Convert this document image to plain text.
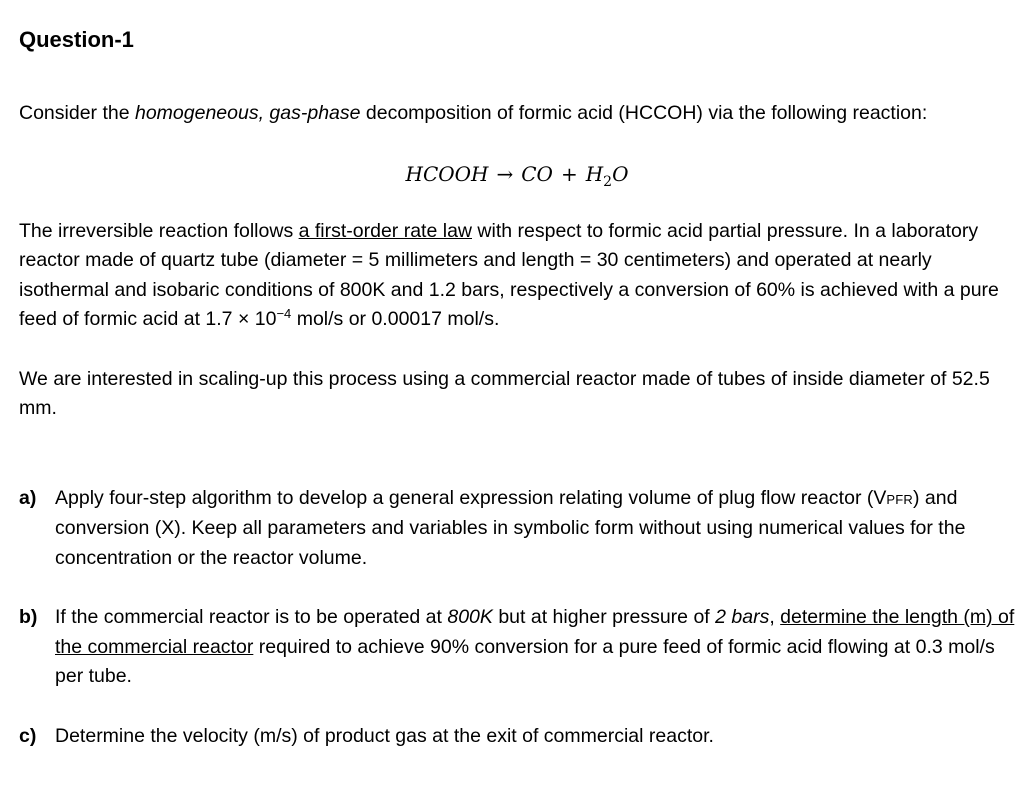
Question-1

Consider the homogeneous, gas-phase decomposition of formic acid (HCCOH) via the following reaction:

HCOOH → CO + $H_2O$

The irreversible reaction follows a first-order rate law with respect to formic acid partial pressure. In a laboratory reactor made of quartz tube (diameter = 5 millimeters and length = 30 centimeters) and operated at nearly isothermal and isobaric conditions of 800K and 1.2 bars, respectively a conversion of 60% is achieved with a pure feed of formic acid at $1.7 \times 10^{-4}$ mol/s or 0.00017 mol/s.

We are interested in scaling-up this process using a commercial reactor made of tubes of inside diameter of 52.5 mm.

a) Apply four-step algorithm to develop a general expression relating volume of plug flow reactor (VPFR) and conversion (X). Keep all parameters and variables in symbolic form without using numerical values for the concentration or the reactor volume.
b) If the commercial reactor is to be operated at 800K but at higher pressure of 2 bars, determine the length (m) of the commercial reactor required to achieve 90% conversion for a pure feed of formic acid flowing at 0.3 mol/s per tube.
c) Determine the velocity (m/s) of product gas at the exit of commercial reactor.
